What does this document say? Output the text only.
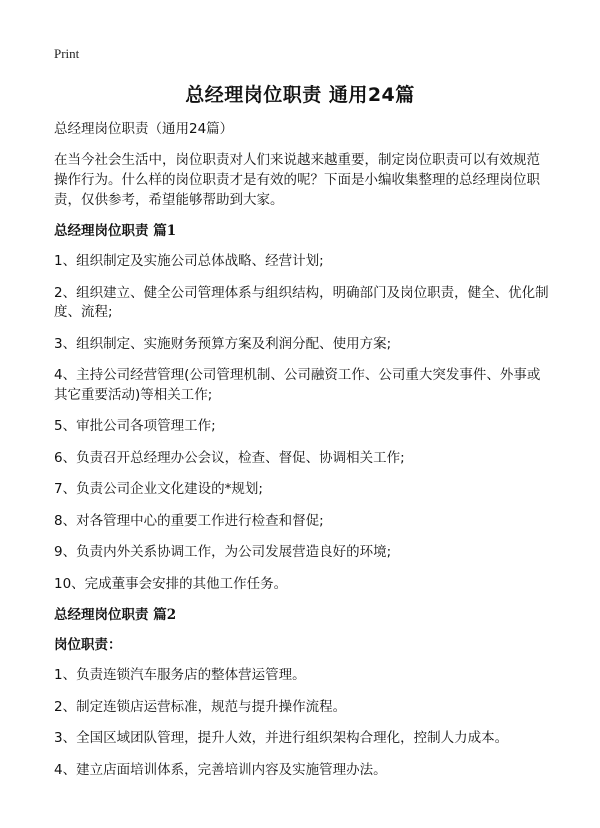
Print
总经理岗位职责 通用24篇

总经理岗位职责（通用24篇）

在当今社会生活中，岗位职责对人们来说越来越重要，制定岗位职责可以有效规范操作行为。什么样的岗位职责才是有效的呢？下面是小编收集整理的总经理岗位职责，仅供参考，希望能够帮助到大家。

总经理岗位职责 篇1

1、组织制定及实施公司总体战略、经营计划;

2、组织建立、健全公司管理体系与组织结构，明确部门及岗位职责，健全、优化制度、流程;

3、组织制定、实施财务预算方案及利润分配、使用方案;

4、主持公司经营管理(公司管理机制、公司融资工作、公司重大突发事件、外事或其它重要活动)等相关工作;

5、审批公司各项管理工作;

6、负责召开总经理办公会议，检查、督促、协调相关工作;

7、负责公司企业文化建设的*规划;

8、对各管理中心的重要工作进行检查和督促;

9、负责内外关系协调工作，为公司发展营造良好的环境;

10、完成董事会安排的其他工作任务。

总经理岗位职责 篇2

岗位职责：

1、负责连锁汽车服务店的整体营运管理。

2、制定连锁店运营标准，规范与提升操作流程。

3、全国区域团队管理，提升人效，并进行组织架构合理化，控制人力成本。

4、建立店面培训体系，完善培训内容及实施管理办法。
